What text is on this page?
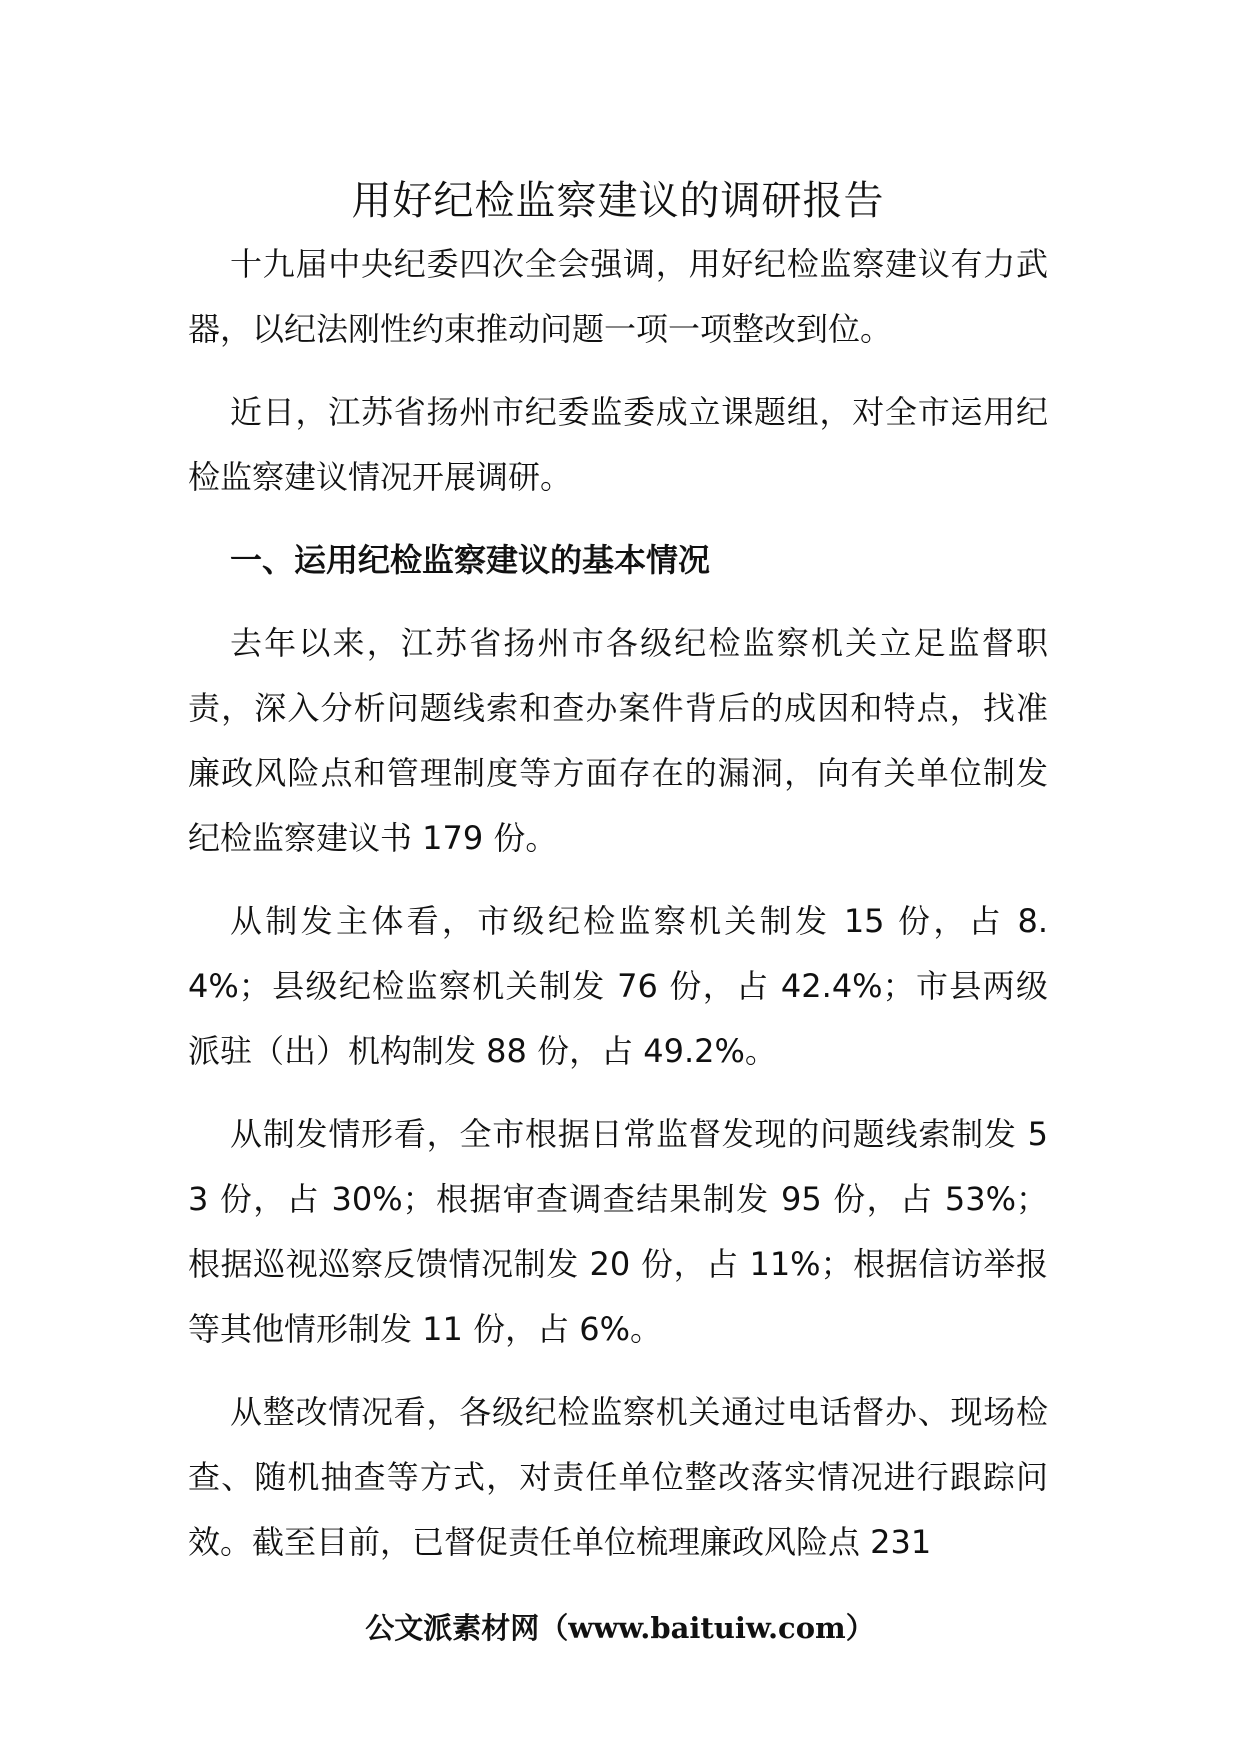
用好纪检监察建议的调研报告

十九届中央纪委四次全会强调，用好纪检监察建议有力武器，以纪法刚性约束推动问题一项一项整改到位。

近日，江苏省扬州市纪委监委成立课题组，对全市运用纪检监察建议情况开展调研。

一、运用纪检监察建议的基本情况

去年以来，江苏省扬州市各级纪检监察机关立足监督职责，深入分析问题线索和查办案件背后的成因和特点，找准廉政风险点和管理制度等方面存在的漏洞，向有关单位制发纪检监察建议书 179 份。

从制发主体看，市级纪检监察机关制发 15 份，占 8.4%；县级纪检监察机关制发 76 份，占 42.4%；市县两级派驻（出）机构制发 88 份，占 49.2%。

从制发情形看，全市根据日常监督发现的问题线索制发 53 份，占 30%；根据审查调查结果制发 95 份，占 53%；根据巡视巡察反馈情况制发 20 份，占 11%；根据信访举报等其他情形制发 11 份，占 6%。

从整改情况看，各级纪检监察机关通过电话督办、现场检查、随机抽查等方式，对责任单位整改落实情况进行跟踪问效。截至目前，已督促责任单位梳理廉政风险点 231

公文派素材网（www.baituiw.com）
